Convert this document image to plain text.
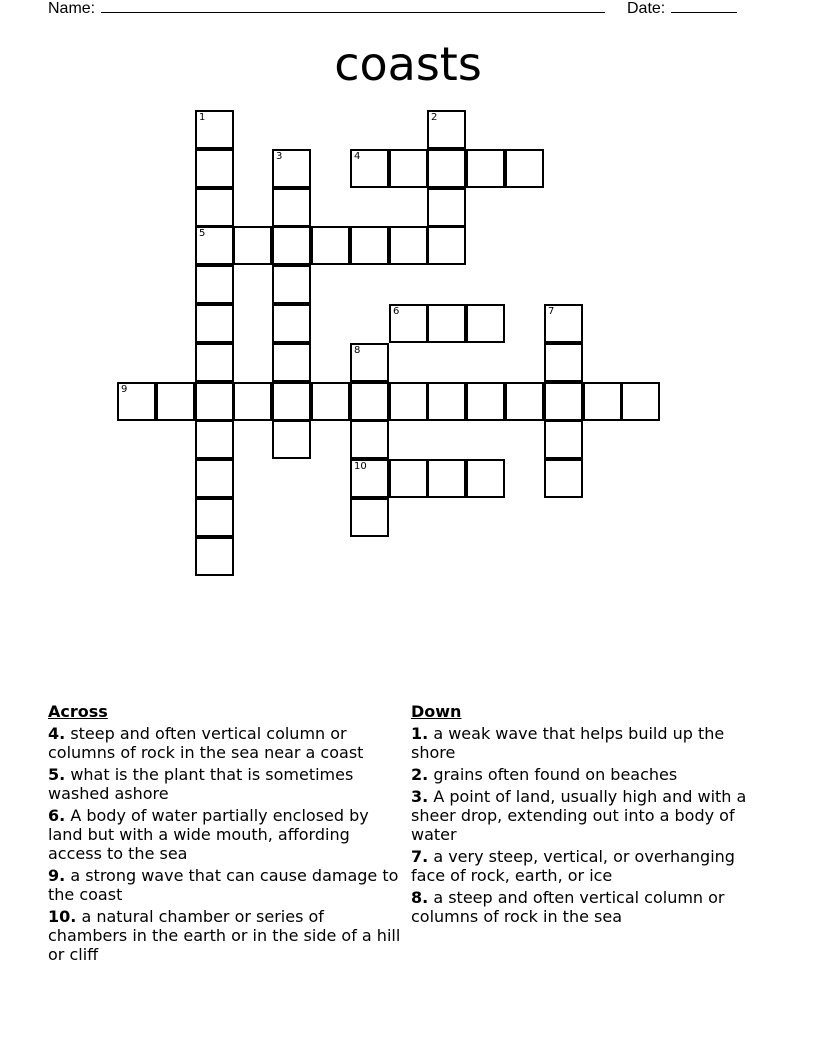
Name:	Date:
coasts
1
5
2
3	4
6	7
8
10
9
Across
4. steep and often vertical column or columns of rock in the sea near a coast
5. what is the plant that is sometimes washed ashore
6. A body of water partially enclosed by land but with a wide mouth, affording access to the sea
9. a strong wave that can cause damage to the coast
10. a natural chamber or series of chambers in the earth or in the side of a hill or cliff
Down
1. a weak wave that helps build up the shore
2. grains often found on beaches
3. A point of land, usually high and with a sheer drop, extending out into a body of water
7. a very steep, vertical, or overhanging face of rock, earth, or ice
8. a steep and often vertical column or columns of rock in the sea
